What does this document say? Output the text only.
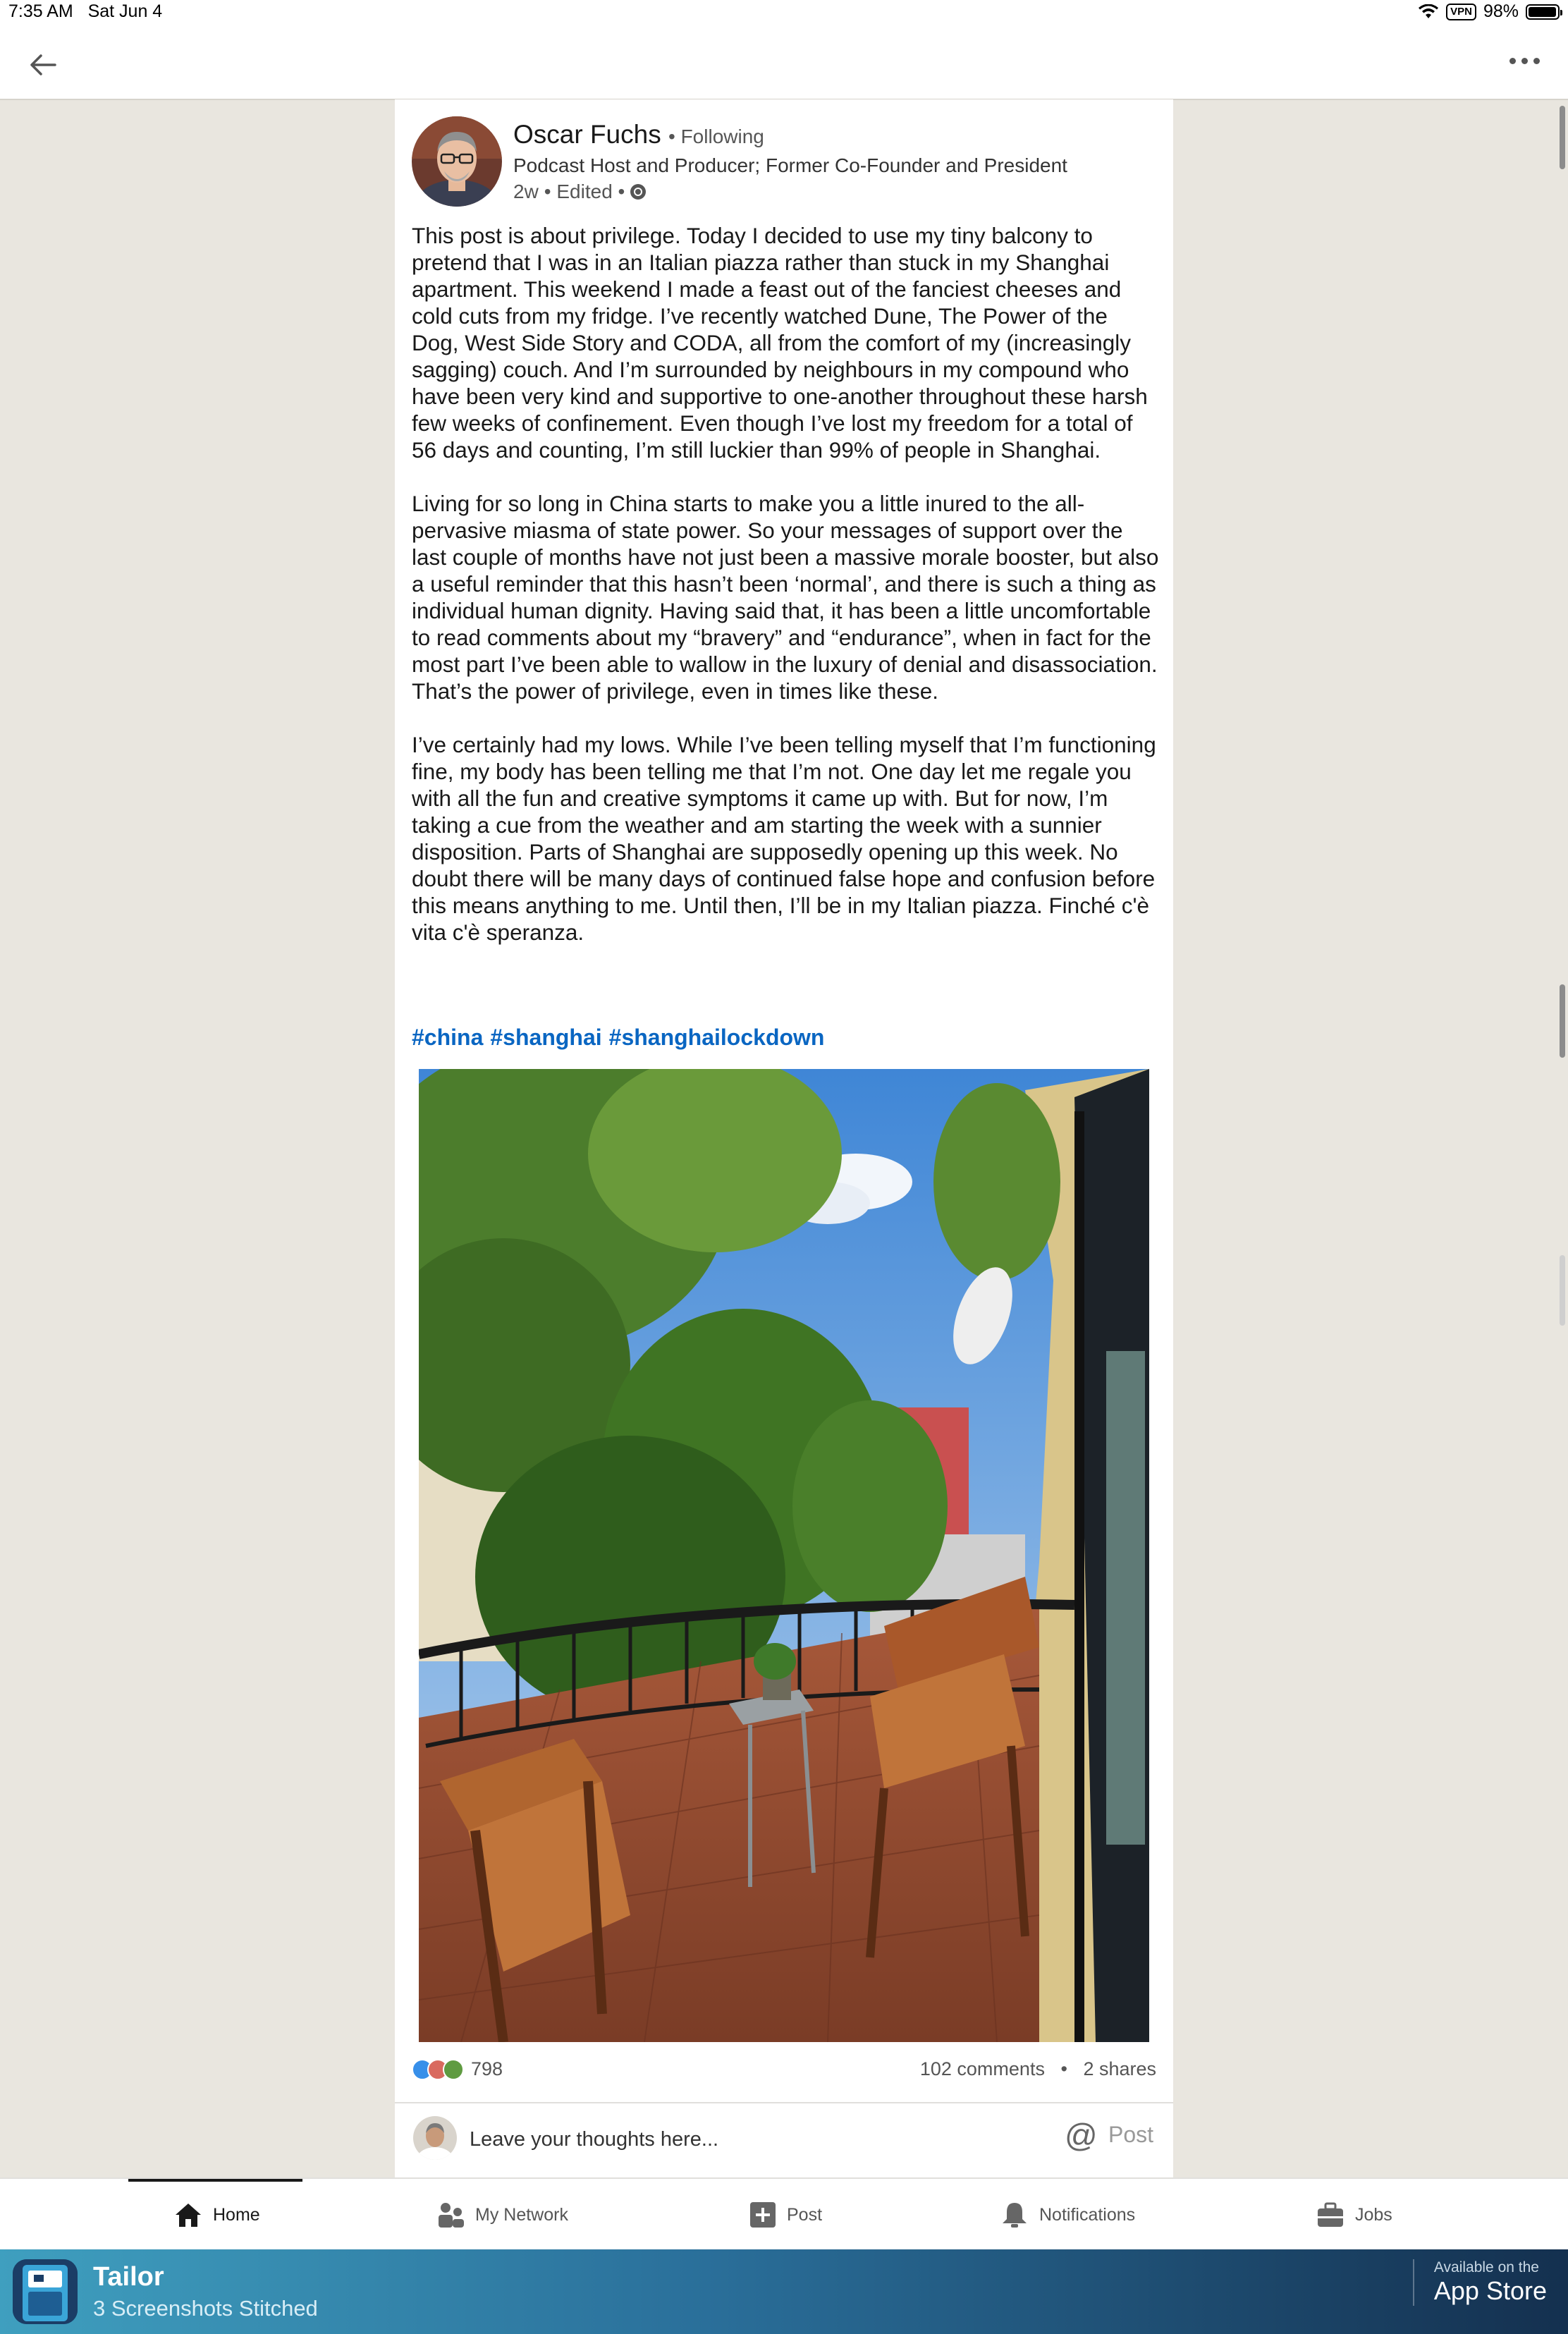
7:35 AM Sat Jun 4	VPN 98%
Oscar Fuchs • Following
Podcast Host and Producer; Former Co-Founder and President
2w • Edited •

This post is about privilege. Today I decided to use my tiny balcony to pretend that I was in an Italian piazza rather than stuck in my Shanghai apartment. This weekend I made a feast out of the fanciest cheeses and cold cuts from my fridge. I’ve recently watched Dune, The Power of the Dog, West Side Story and CODA, all from the comfort of my (increasingly sagging) couch. And I’m surrounded by neighbours in my compound who have been very kind and supportive to one-another throughout these harsh few weeks of confinement. Even though I’ve lost my freedom for a total of 56 days and counting, I’m still luckier than 99% of people in Shanghai.

Living for so long in China starts to make you a little inured to the all-pervasive miasma of state power. So your messages of support over the last couple of months have not just been a massive morale booster, but also a useful reminder that this hasn’t been ‘normal’, and there is such a thing as individual human dignity. Having said that, it has been a little uncomfortable to read comments about my “bravery” and “endurance”, when in fact for the most part I’ve been able to wallow in the luxury of denial and disassociation. That’s the power of privilege, even in times like these.

I’ve certainly had my lows. While I’ve been telling myself that I’m functioning fine, my body has been telling me that I’m not. One day let me regale you with all the fun and creative symptoms it came up with. But for now, I’m taking a cue from the weather and am starting the week with a sunnier disposition. Parts of Shanghai are supposedly opening up this week. No doubt there will be many days of continued false hope and confusion before this means anything to me. Until then, I’ll be in my Italian piazza. Finché c'è vita c'è speranza.

#china #shanghai #shanghailockdown
798	102 comments • 2 shares
Leave your thoughts here...
@ Post
Home	My Network	Post	Notifications	Jobs
Tailor
3 Screenshots Stitched
Available on the
App Store
